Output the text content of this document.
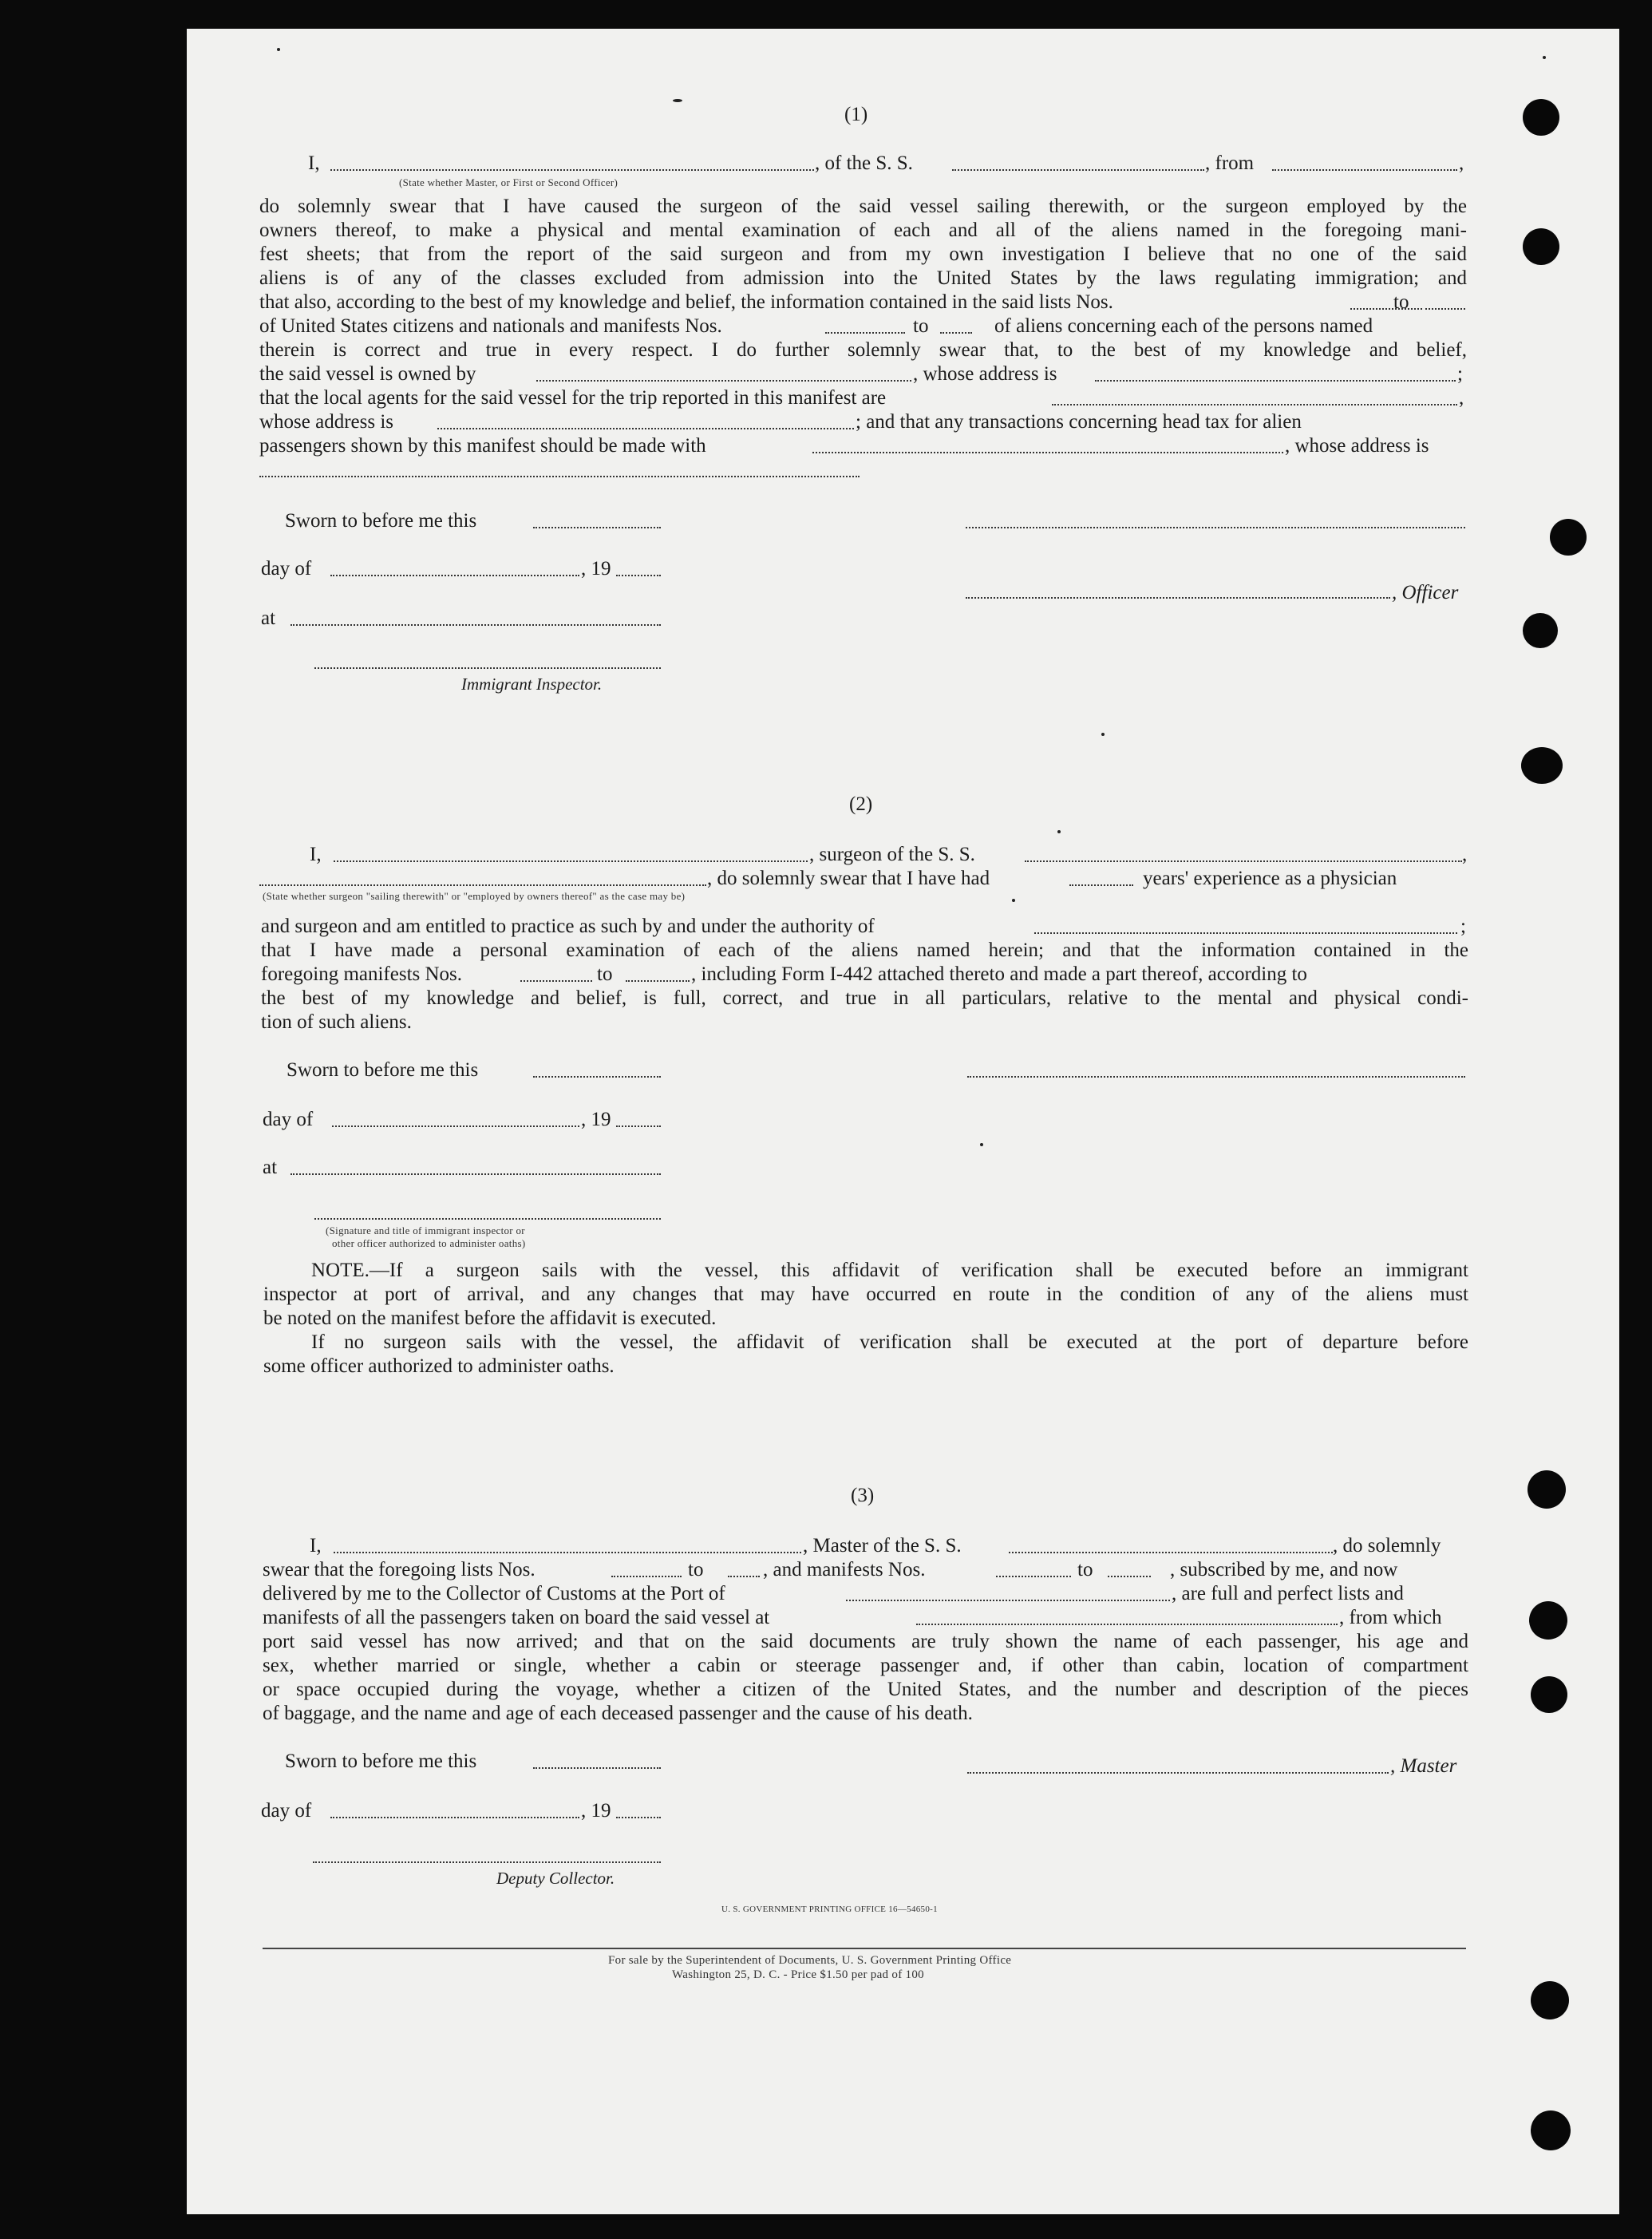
(1)
I,	, of the S. S.	, from	,
(State whether Master, or First or Second Officer)
do solemnly swear that I have caused the surgeon of the said vessel sailing therewith, or the surgeon employed by the
owners thereof, to make a physical and mental examination of each and all of the aliens named in the foregoing mani-
fest sheets; that from the report of the said surgeon and from my own investigation I believe that no one of the said
aliens is of any of the classes excluded from admission into the United States by the laws regulating immigration; and
that also, according to the best of my knowledge and belief, the information contained in the said lists Nos.	to
of United States citizens and nationals and manifests Nos.	to	of aliens concerning each of the persons named
therein is correct and true in every respect. I do further solemnly swear that, to the best of my knowledge and belief,
the said vessel is owned by	, whose address is	;
that the local agents for the said vessel for the trip reported in this manifest are	,
whose address is	; and that any transactions concerning head tax for alien
passengers shown by this manifest should be made with	, whose address is
Sworn to before me this
day of	, 19
at
Immigrant Inspector.
, Officer
(2)
I,	, surgeon of the S. S.	,
, do solemnly swear that I have had	years' experience as a physician
(State whether surgeon "sailing therewith" or "employed by owners thereof" as the case may be)
and surgeon and am entitled to practice as such by and under the authority of	;
that I have made a personal examination of each of the aliens named herein; and that the information contained in the
foregoing manifests Nos.	to	, including Form I-442 attached thereto and made a part thereof, according to
the best of my knowledge and belief, is full, correct, and true in all particulars, relative to the mental and physical condi-
tion of such aliens.
Sworn to before me this
day of	, 19
at
(Signature and title of immigrant inspector or
other officer authorized to administer oaths)
NOTE.—If a surgeon sails with the vessel, this affidavit of verification shall be executed before an immigrant
inspector at port of arrival, and any changes that may have occurred en route in the condition of any of the aliens must
be noted on the manifest before the affidavit is executed.
If no surgeon sails with the vessel, the affidavit of verification shall be executed at the port of departure before
some officer authorized to administer oaths.
(3)
I,	, Master of the S. S.	, do solemnly
swear that the foregoing lists Nos.	to	, and manifests Nos.	to	, subscribed by me, and now
delivered by me to the Collector of Customs at the Port of	, are full and perfect lists and
manifests of all the passengers taken on board the said vessel at	, from which
port said vessel has now arrived; and that on the said documents are truly shown the name of each passenger, his age and
sex, whether married or single, whether a cabin or steerage passenger and, if other than cabin, location of compartment
or space occupied during the voyage, whether a citizen of the United States, and the number and description of the pieces
of baggage, and the name and age of each deceased passenger and the cause of his death.
Sworn to before me this
day of	, 19
Deputy Collector.
, Master
U. S. GOVERNMENT PRINTING OFFICE 16—54650-1
For sale by the Superintendent of Documents, U. S. Government Printing Office
Washington 25, D. C. - Price $1.50 per pad of 100
